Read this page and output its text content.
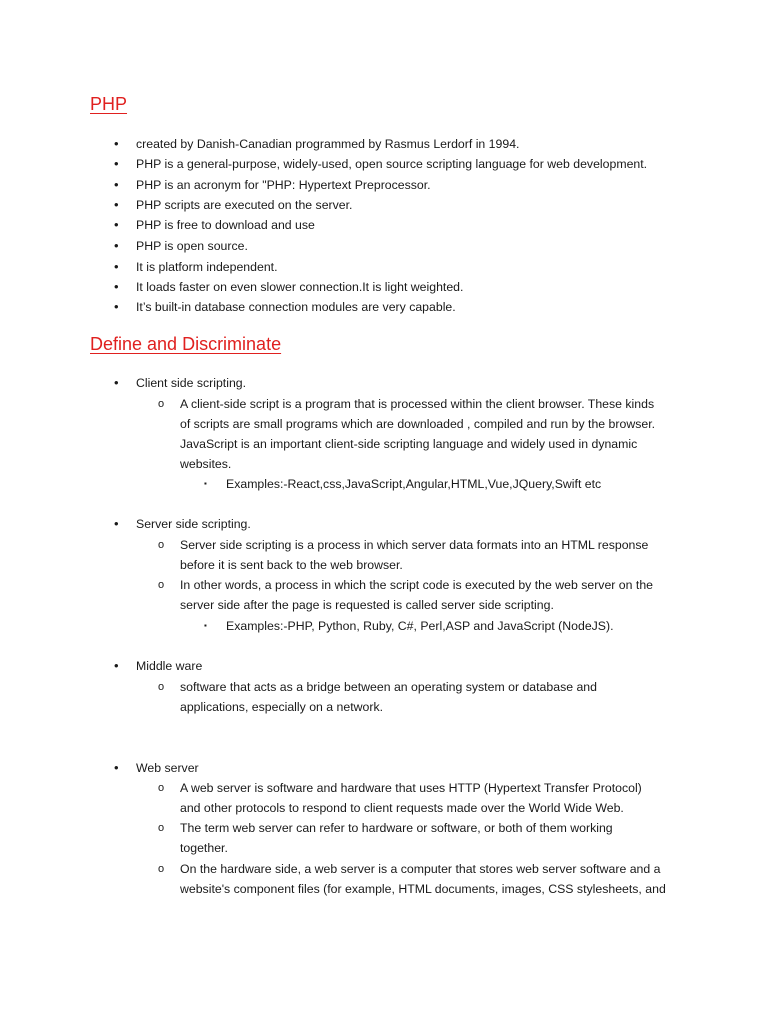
PHP
• created by Danish-Canadian programmed by Rasmus Lerdorf in 1994.
• PHP is a general-purpose, widely-used, open source scripting language for web development.
• PHP is an acronym for "PHP: Hypertext Preprocessor.
• PHP scripts are executed on the server.
• PHP is free to download and use
• PHP is open source.
• It is platform independent.
• It loads faster on even slower connection.It is light weighted.
• It’s built-in database connection modules are very capable.
Define and Discriminate
• Client side scripting.
o A client-side script is a program that is processed within the client browser. These kinds
of scripts are small programs which are downloaded , compiled and run by the browser.
JavaScript is an important client-side scripting language and widely used in dynamic
websites.
▪ Examples:-React,css,JavaScript,Angular,HTML,Vue,JQuery,Swift etc
• Server side scripting.
o Server side scripting is a process in which server data formats into an HTML response
before it is sent back to the web browser.
o In other words, a process in which the script code is executed by the web server on the
server side after the page is requested is called server side scripting.
▪ Examples:-PHP, Python, Ruby, C#, Perl,ASP and JavaScript (NodeJS).
• Middle ware
o software that acts as a bridge between an operating system or database and
applications, especially on a network.
• Web server
o A web server is software and hardware that uses HTTP (Hypertext Transfer Protocol)
and other protocols to respond to client requests made over the World Wide Web.
o The term web server can refer to hardware or software, or both of them working
together.
o On the hardware side, a web server is a computer that stores web server software and a
website's component files (for example, HTML documents, images, CSS stylesheets, and
